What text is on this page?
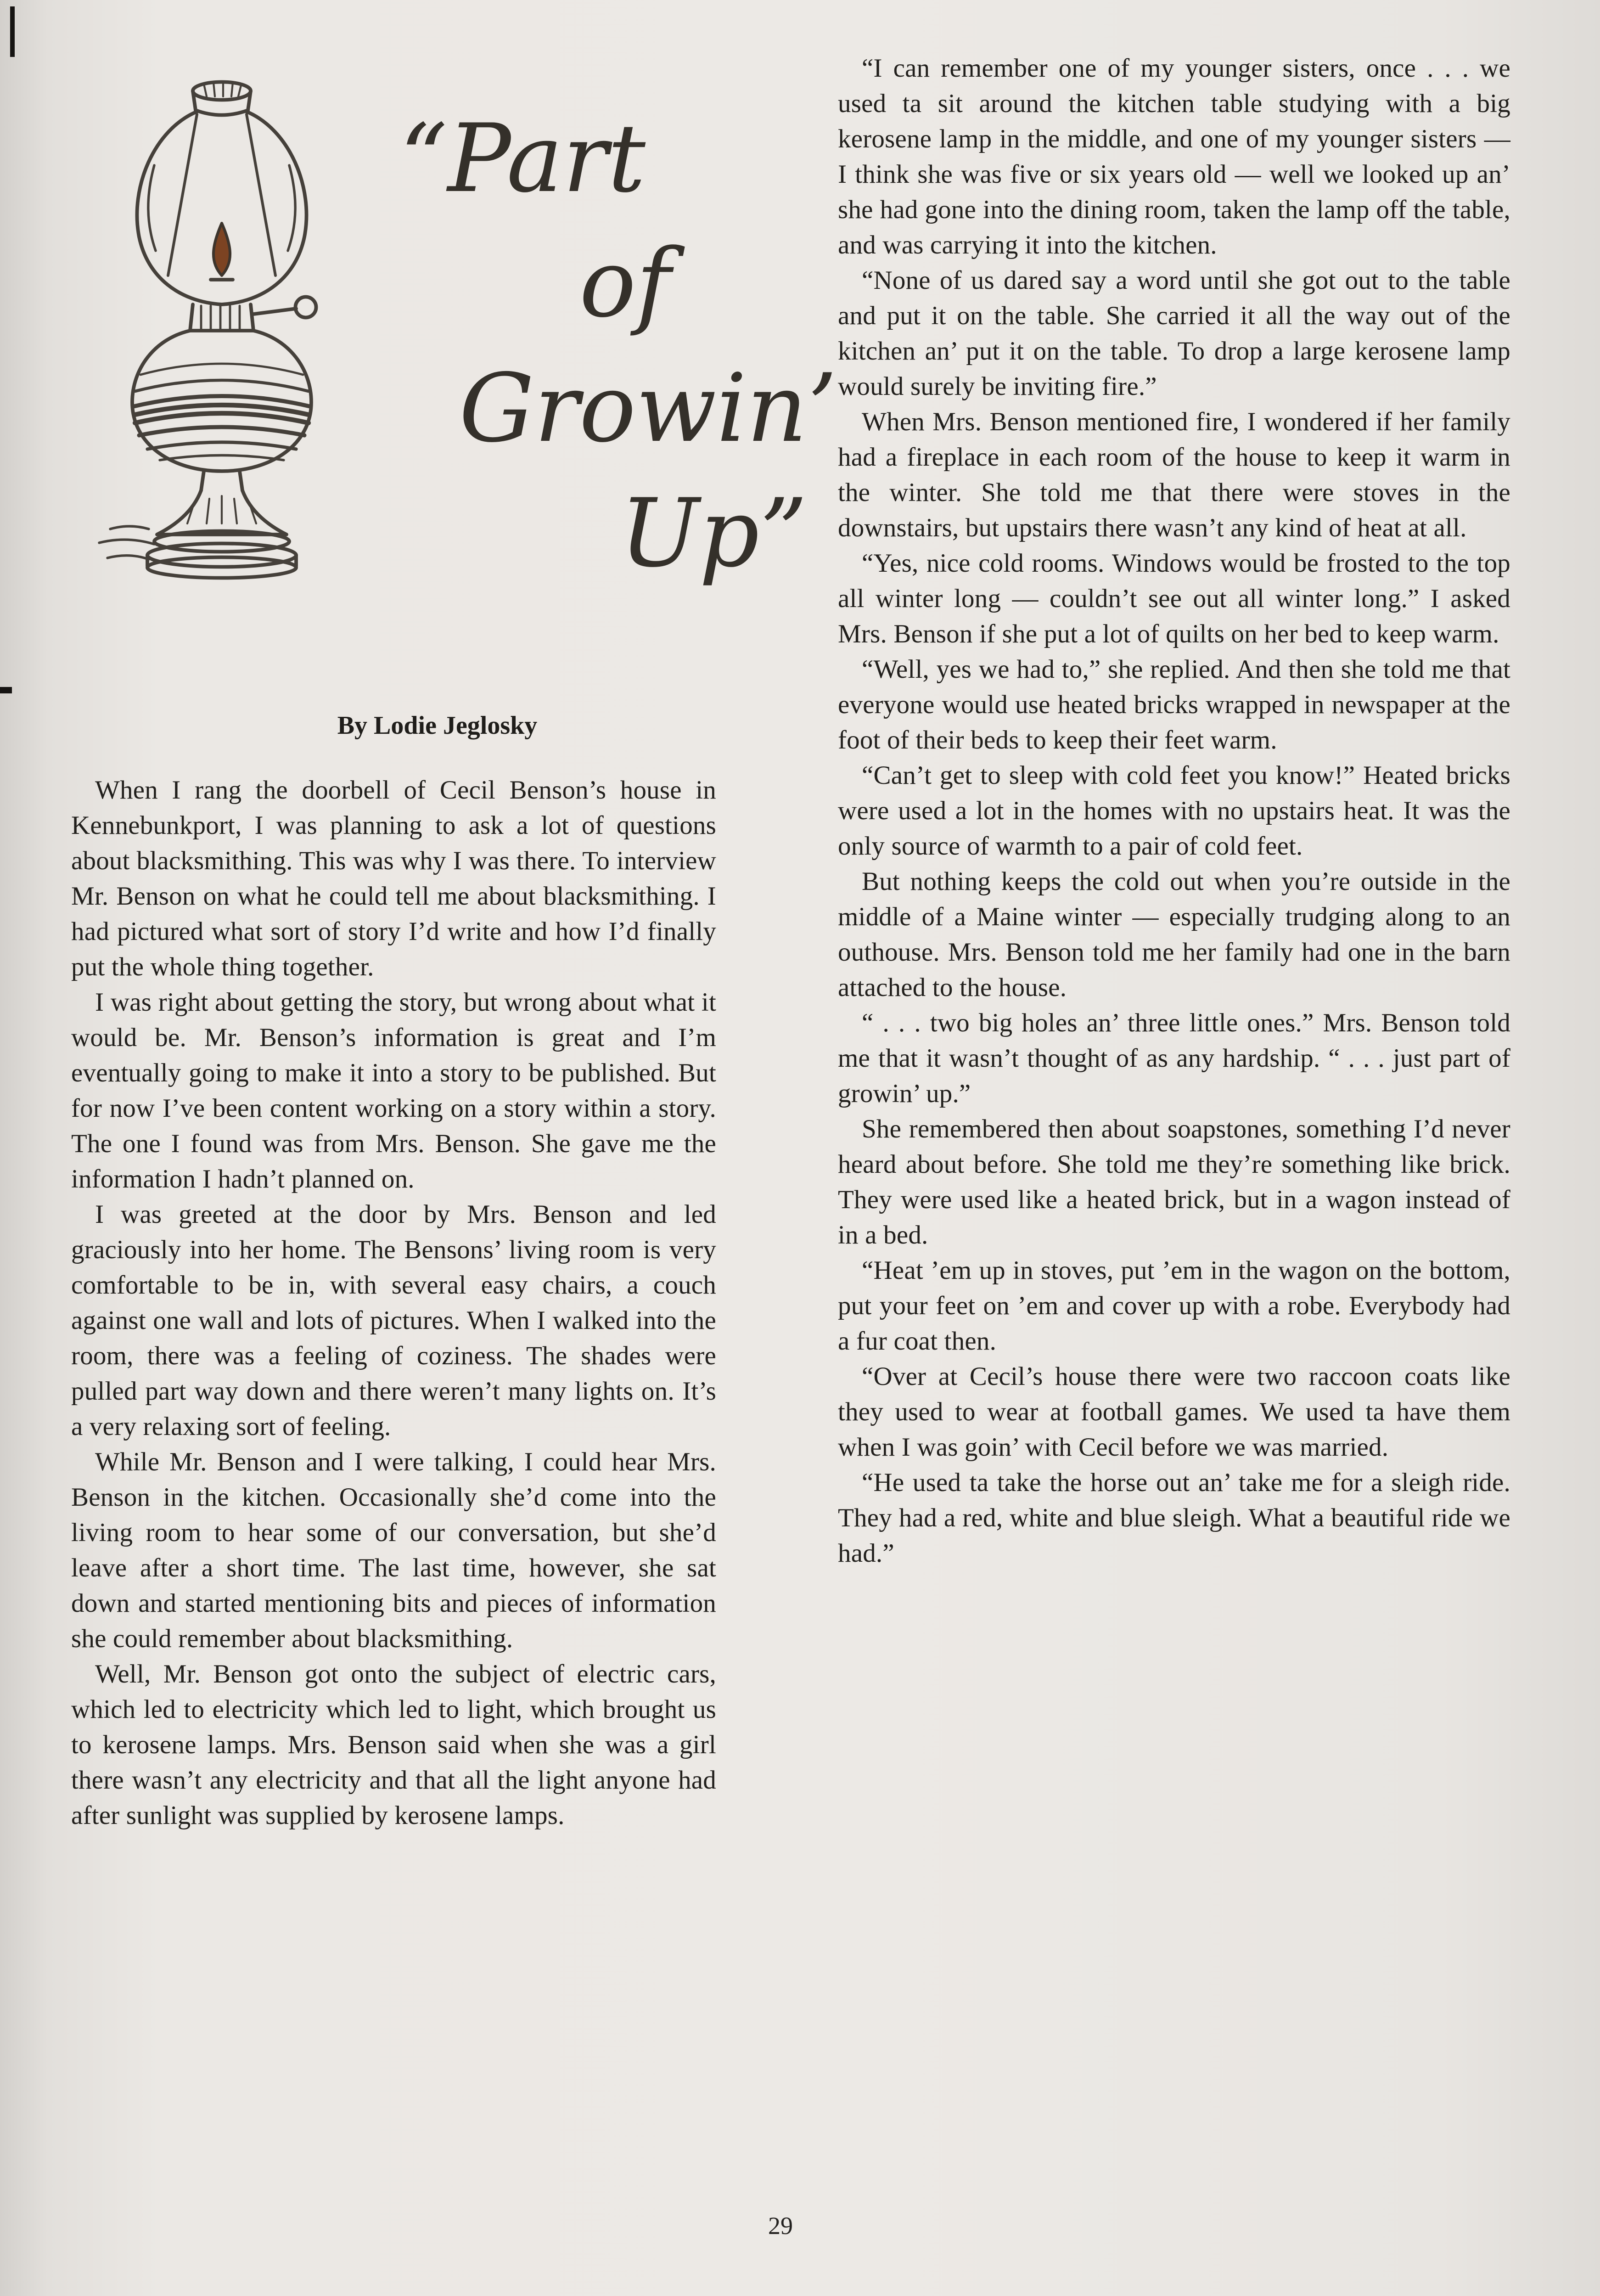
“Part
of
Growin’
Up”
By Lodie Jeglosky

When I rang the doorbell of Cecil Benson’s house in Kennebunkport, I was planning to ask a lot of questions about blacksmithing. This was why I was there. To interview Mr. Benson on what he could tell me about blacksmithing. I had pictured what sort of story I’d write and how I’d finally put the whole thing together.

I was right about getting the story, but wrong about what it would be. Mr. Benson’s information is great and I’m eventually going to make it into a story to be published. But for now I’ve been content working on a story within a story. The one I found was from Mrs. Benson. She gave me the information I hadn’t planned on.

I was greeted at the door by Mrs. Benson and led graciously into her home. The Bensons’ living room is very comfortable to be in, with several easy chairs, a couch against one wall and lots of pictures. When I walked into the room, there was a feeling of coziness. The shades were pulled part way down and there weren’t many lights on. It’s a very relaxing sort of feeling.

While Mr. Benson and I were talking, I could hear Mrs. Benson in the kitchen. Occasionally she’d come into the living room to hear some of our conversation, but she’d leave after a short time. The last time, however, she sat down and started mentioning bits and pieces of information she could remember about blacksmithing.

Well, Mr. Benson got onto the subject of electric cars, which led to electricity which led to light, which brought us to kerosene lamps. Mrs. Benson said when she was a girl there wasn’t any electricity and that all the light anyone had after sunlight was supplied by kerosene lamps.

“I can remember one of my younger sisters, once . . . we used ta sit around the kitchen table studying with a big kerosene lamp in the middle, and one of my younger sisters — I think she was five or six years old — well we looked up an’ she had gone into the dining room, taken the lamp off the table, and was carrying it into the kitchen.

“None of us dared say a word until she got out to the table and put it on the table. She carried it all the way out of the kitchen an’ put it on the table. To drop a large kerosene lamp would surely be inviting fire.”

When Mrs. Benson mentioned fire, I wondered if her family had a fireplace in each room of the house to keep it warm in the winter. She told me that there were stoves in the downstairs, but upstairs there wasn’t any kind of heat at all.

“Yes, nice cold rooms. Windows would be frosted to the top all winter long — couldn’t see out all winter long.” I asked Mrs. Benson if she put a lot of quilts on her bed to keep warm.

“Well, yes we had to,” she replied. And then she told me that everyone would use heated bricks wrapped in newspaper at the foot of their beds to keep their feet warm.

“Can’t get to sleep with cold feet you know!” Heated bricks were used a lot in the homes with no upstairs heat. It was the only source of warmth to a pair of cold feet.

But nothing keeps the cold out when you’re outside in the middle of a Maine winter — especially trudging along to an outhouse. Mrs. Benson told me her family had one in the barn attached to the house.

“ . . . two big holes an’ three little ones.” Mrs. Benson told me that it wasn’t thought of as any hardship. “ . . . just part of growin’ up.”

She remembered then about soapstones, something I’d never heard about before. She told me they’re something like brick. They were used like a heated brick, but in a wagon instead of in a bed.

“Heat ’em up in stoves, put ’em in the wagon on the bottom, put your feet on ’em and cover up with a robe. Everybody had a fur coat then.

“Over at Cecil’s house there were two raccoon coats like they used to wear at football games. We used ta have them when I was goin’ with Cecil before we was married.

“He used ta take the horse out an’ take me for a sleigh ride. They had a red, white and blue sleigh. What a beautiful ride we had.”

29
